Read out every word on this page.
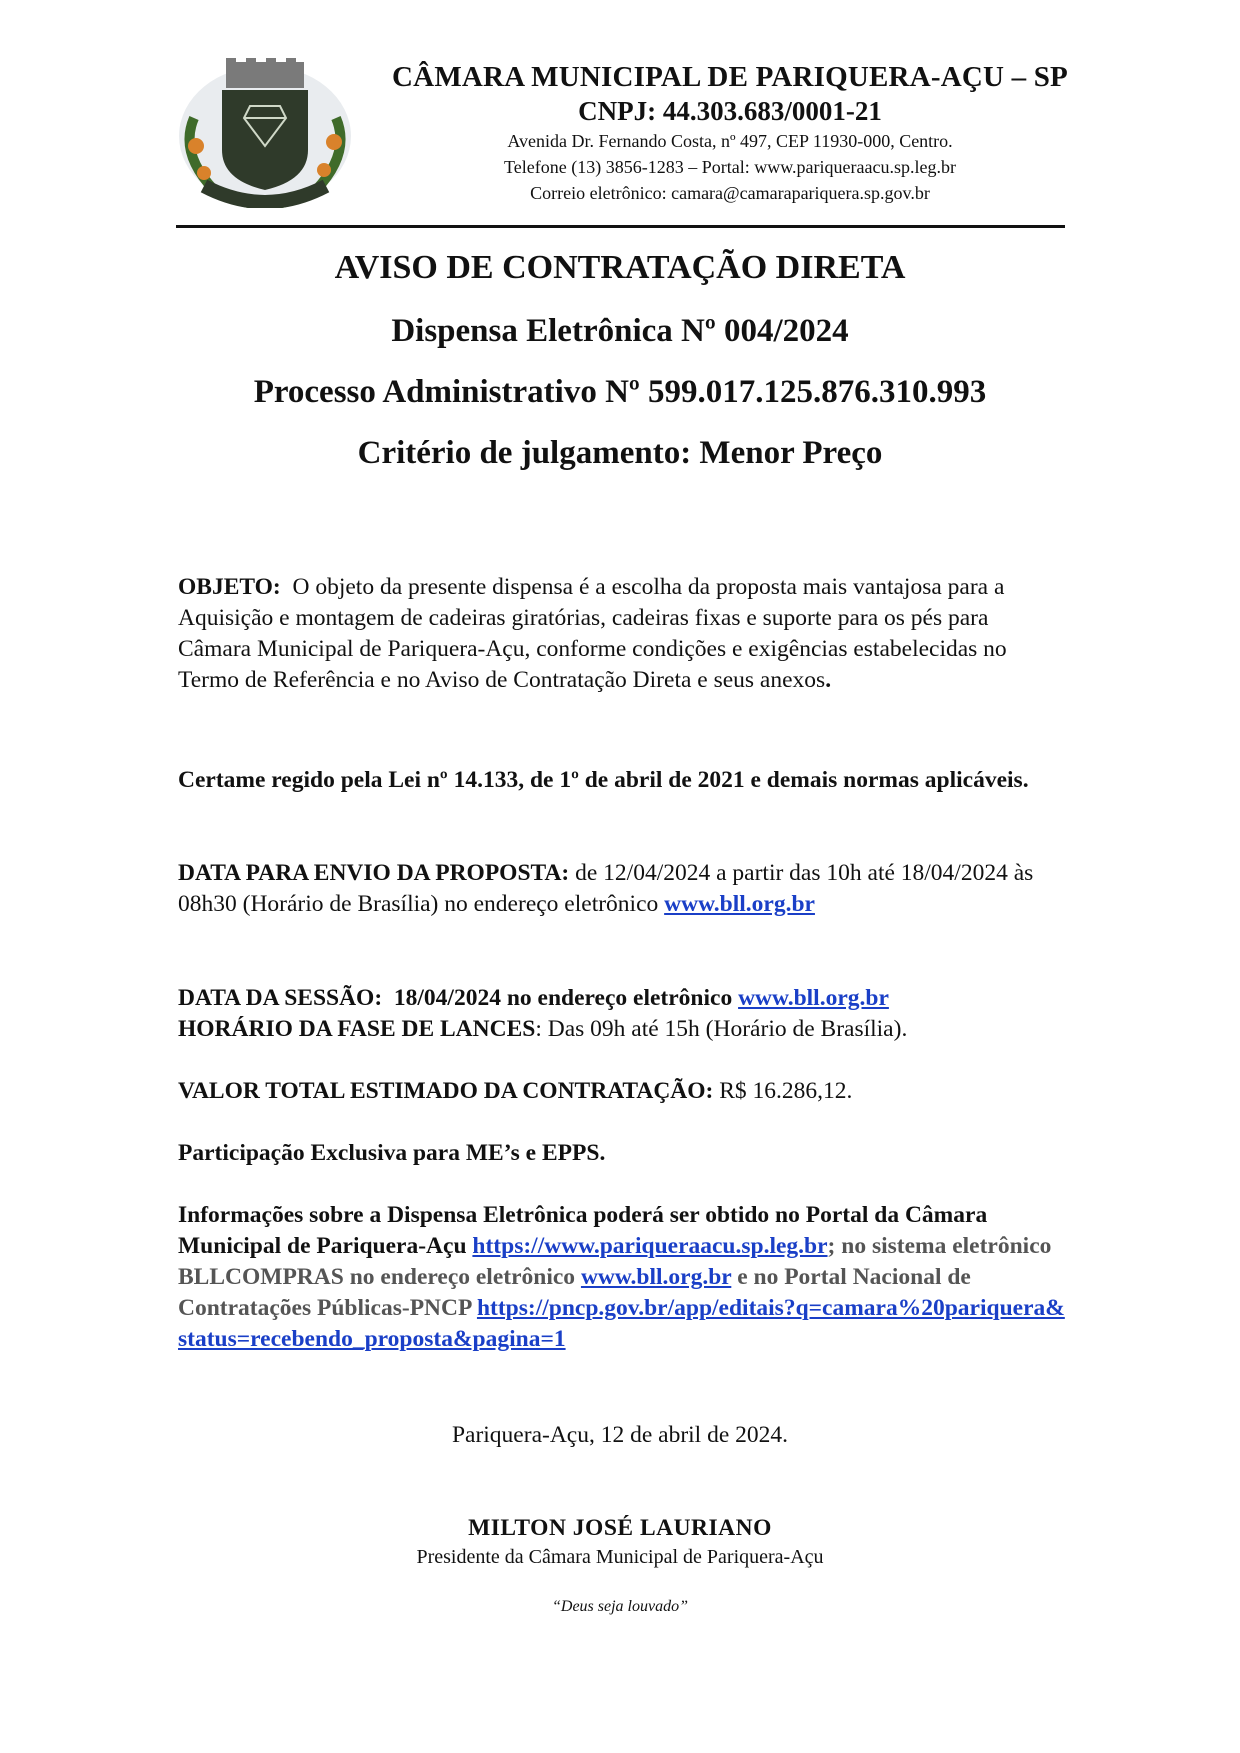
CÂMARA MUNICIPAL DE PARIQUERA-AÇU – SP
CNPJ: 44.303.683/0001-21
Avenida Dr. Fernando Costa, nº 497, CEP 11930-000, Centro.
Telefone (13) 3856-1283 – Portal: www.pariqueraacu.sp.leg.br
Correio eletrônico: camara@camarapariquera.sp.gov.br
AVISO DE CONTRATAÇÃO DIRETA
Dispensa Eletrônica Nº 004/2024
Processo Administrativo Nº 599.017.125.876.310.993
Critério de julgamento: Menor Preço

OBJETO: O objeto da presente dispensa é a escolha da proposta mais vantajosa para a Aquisição e montagem de cadeiras giratórias, cadeiras fixas e suporte para os pés para Câmara Municipal de Pariquera-Açu, conforme condições e exigências estabelecidas no Termo de Referência e no Aviso de Contratação Direta e seus anexos.

Certame regido pela Lei nº 14.133, de 1º de abril de 2021 e demais normas aplicáveis.

DATA PARA ENVIO DA PROPOSTA: de 12/04/2024 a partir das 10h até 18/04/2024 às 08h30 (Horário de Brasília) no endereço eletrônico www.bll.org.br

DATA DA SESSÃO: 18/04/2024 no endereço eletrônico www.bll.org.br
HORÁRIO DA FASE DE LANCES: Das 09h até 15h (Horário de Brasília).

VALOR TOTAL ESTIMADO DA CONTRATAÇÃO: R$ 16.286,12.

Participação Exclusiva para ME’s e EPPS.

Informações sobre a Dispensa Eletrônica poderá ser obtido no Portal da Câmara Municipal de Pariquera-Açu https://www.pariqueraacu.sp.leg.br; no sistema eletrônico BLLCOMPRAS no endereço eletrônico www.bll.org.br e no Portal Nacional de Contratações Públicas-PNCP https://pncp.gov.br/app/editais?q=camara%20pariquera&status=recebendo_proposta&pagina=1

Pariquera-Açu, 12 de abril de 2024.
MILTON JOSÉ LAURIANO
Presidente da Câmara Municipal de Pariquera-Açu
“Deus seja louvado”
